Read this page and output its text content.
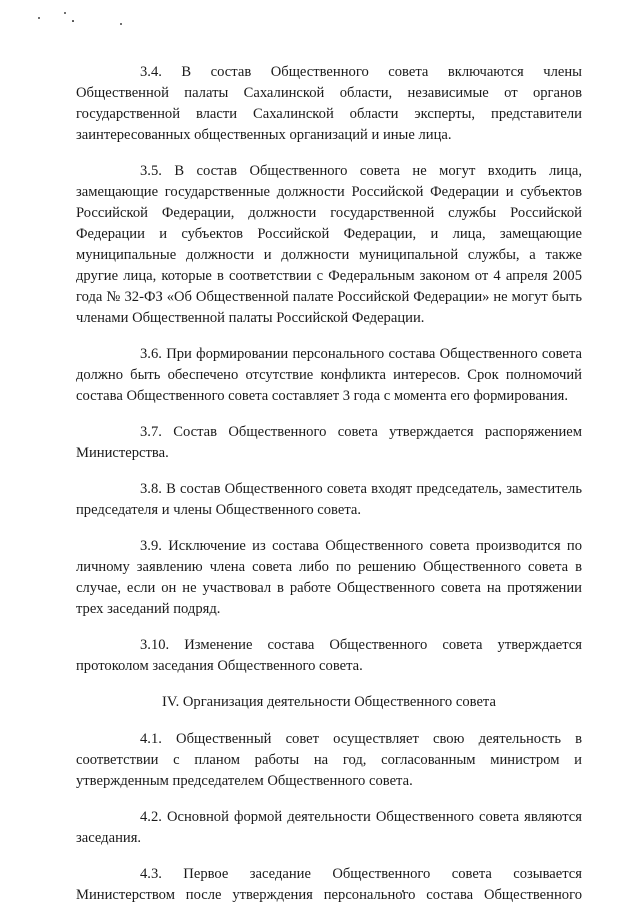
3.4. В состав Общественного совета включаются члены Общественной палаты Сахалинской области, независимые от органов государственной власти Сахалинской области эксперты, представители заинтересованных общественных организаций и иные лица.

3.5. В состав Общественного совета не могут входить лица, замещающие государственные должности Российской Федерации и субъектов Российской Федерации, должности государственной службы Российской Федерации и субъектов Российской Федерации, и лица, замещающие муниципальные должности и должности муниципальной службы, а также другие лица, которые в соответствии с Федеральным законом от 4 апреля 2005 года № 32-ФЗ «Об Общественной палате Российской Федерации» не могут быть членами Общественной палаты Российской Федерации.

3.6. При формировании персонального состава Общественного совета должно быть обеспечено отсутствие конфликта интересов. Срок полномочий состава Общественного совета составляет 3 года с момента его формирования.

3.7. Состав Общественного совета утверждается распоряжением Министерства.

3.8. В состав Общественного совета входят председатель, заместитель председателя и члены Общественного совета.

3.9. Исключение из состава Общественного совета производится по личному заявлению члена совета либо по решению Общественного совета в случае, если он не участвовал в работе Общественного совета на протяжении трех заседаний подряд.

3.10. Изменение состава Общественного совета утверждается протоколом заседания Общественного совета.

IV. Организация деятельности Общественного совета

4.1. Общественный совет осуществляет свою деятельность в соответствии с планом работы на год, согласованным министром и утвержденным председателем Общественного совета.

4.2. Основной формой деятельности Общественного совета являются заседания.

4.3. Первое заседание Общественного совета созывается Министерством после утверждения персонального состава Общественного
